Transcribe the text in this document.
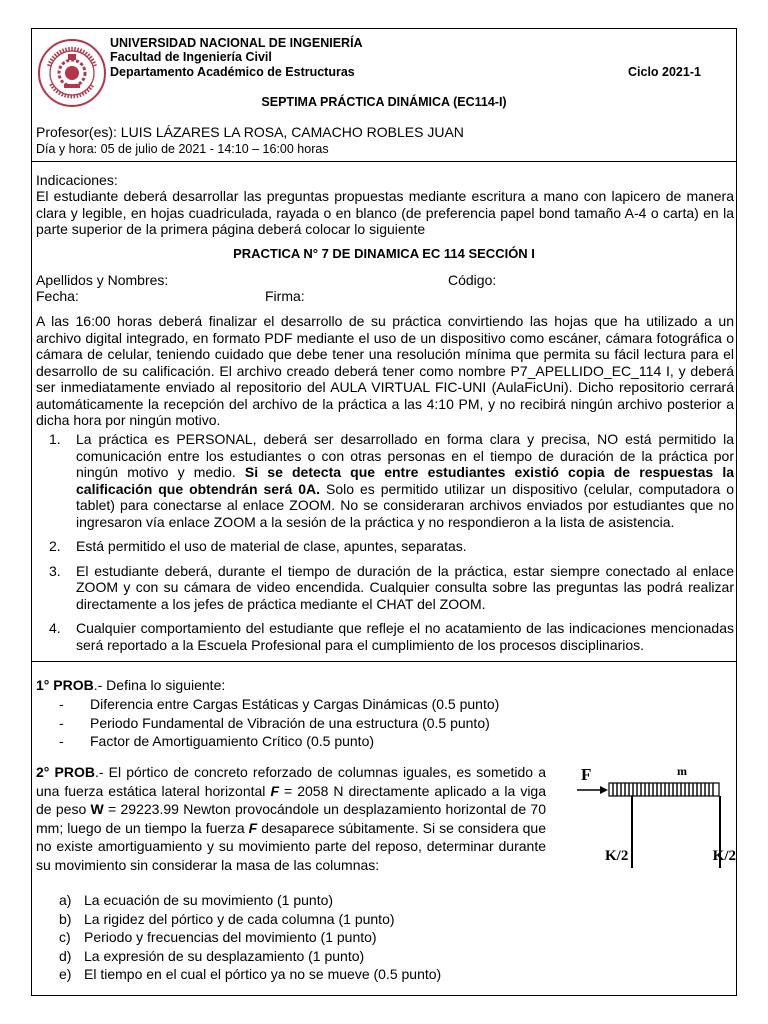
UNIVERSIDAD NACIONAL DE INGENIERÍA
Facultad de Ingeniería Civil
Departamento Académico de Estructuras	Ciclo 2021-1
SEPTIMA PRÁCTICA DINÁMICA (EC114-I)
Profesor(es): LUIS LÁZARES LA ROSA, CAMACHO ROBLES JUAN
Día y hora: 05 de julio de 2021 - 14:10 – 16:00 horas
Indicaciones:
El estudiante deberá desarrollar las preguntas propuestas mediante escritura a mano con lapicero de manera clara y legible, en hojas cuadriculada, rayada o en blanco (de preferencia papel bond tamaño A-4 o carta) en la parte superior de la primera página deberá colocar lo siguiente
PRACTICA N° 7 DE DINAMICA EC 114 SECCIÓN I
Apellidos y Nombres:	Código:
Fecha:	Firma:
A las 16:00 horas deberá finalizar el desarrollo de su práctica convirtiendo las hojas que ha utilizado a un archivo digital integrado, en formato PDF mediante el uso de un dispositivo como escáner, cámara fotográfica o cámara de celular, teniendo cuidado que debe tener una resolución mínima que permita su fácil lectura para el desarrollo de su calificación. El archivo creado deberá tener como nombre P7_APELLIDO_EC_114 I, y deberá ser inmediatamente enviado al repositorio del AULA VIRTUAL FIC-UNI (AulaFicUni). Dicho repositorio cerrará automáticamente la recepción del archivo de la práctica a las 4:10 PM, y no recibirá ningún archivo posterior a dicha hora por ningún motivo.
1. La práctica es PERSONAL, deberá ser desarrollado en forma clara y precisa, NO está permitido la comunicación entre los estudiantes o con otras personas en el tiempo de duración de la práctica por ningún motivo y medio. Si se detecta que entre estudiantes existió copia de respuestas la calificación que obtendrán será 0A. Solo es permitido utilizar un dispositivo (celular, computadora o tablet) para conectarse al enlace ZOOM. No se consideraran archivos enviados por estudiantes que no ingresaron vía enlace ZOOM a la sesión de la práctica y no respondieron a la lista de asistencia.
2. Está permitido el uso de material de clase, apuntes, separatas.
3. El estudiante deberá, durante el tiempo de duración de la práctica, estar siempre conectado al enlace ZOOM y con su cámara de video encendida. Cualquier consulta sobre las preguntas las podrá realizar directamente a los jefes de práctica mediante el CHAT del ZOOM.
4. Cualquier comportamiento del estudiante que refleje el no acatamiento de las indicaciones mencionadas será reportado a la Escuela Profesional para el cumplimiento de los procesos disciplinarios.
1° PROB.- Defina lo siguiente:
- Diferencia entre Cargas Estáticas y Cargas Dinámicas (0.5 punto)
- Periodo Fundamental de Vibración de una estructura (0.5 punto)
- Factor de Amortiguamiento Crítico (0.5 punto)
2° PROB.- El pórtico de concreto reforzado de columnas iguales, es sometido a una fuerza estática lateral horizontal F = 2058 N directamente aplicado a la viga de peso W = 29223.99 Newton provocándole un desplazamiento horizontal de 70 mm; luego de un tiempo la fuerza F desaparece súbitamente. Si se considera que no existe amortiguamiento y su movimiento parte del reposo, determinar durante su movimiento sin considerar la masa de las columnas:
F	m
K/2	K/2
a) La ecuación de su movimiento (1 punto)
b) La rigidez del pórtico y de cada columna (1 punto)
c) Periodo y frecuencias del movimiento (1 punto)
d) La expresión de su desplazamiento (1 punto)
e) El tiempo en el cual el pórtico ya no se mueve (0.5 punto)
